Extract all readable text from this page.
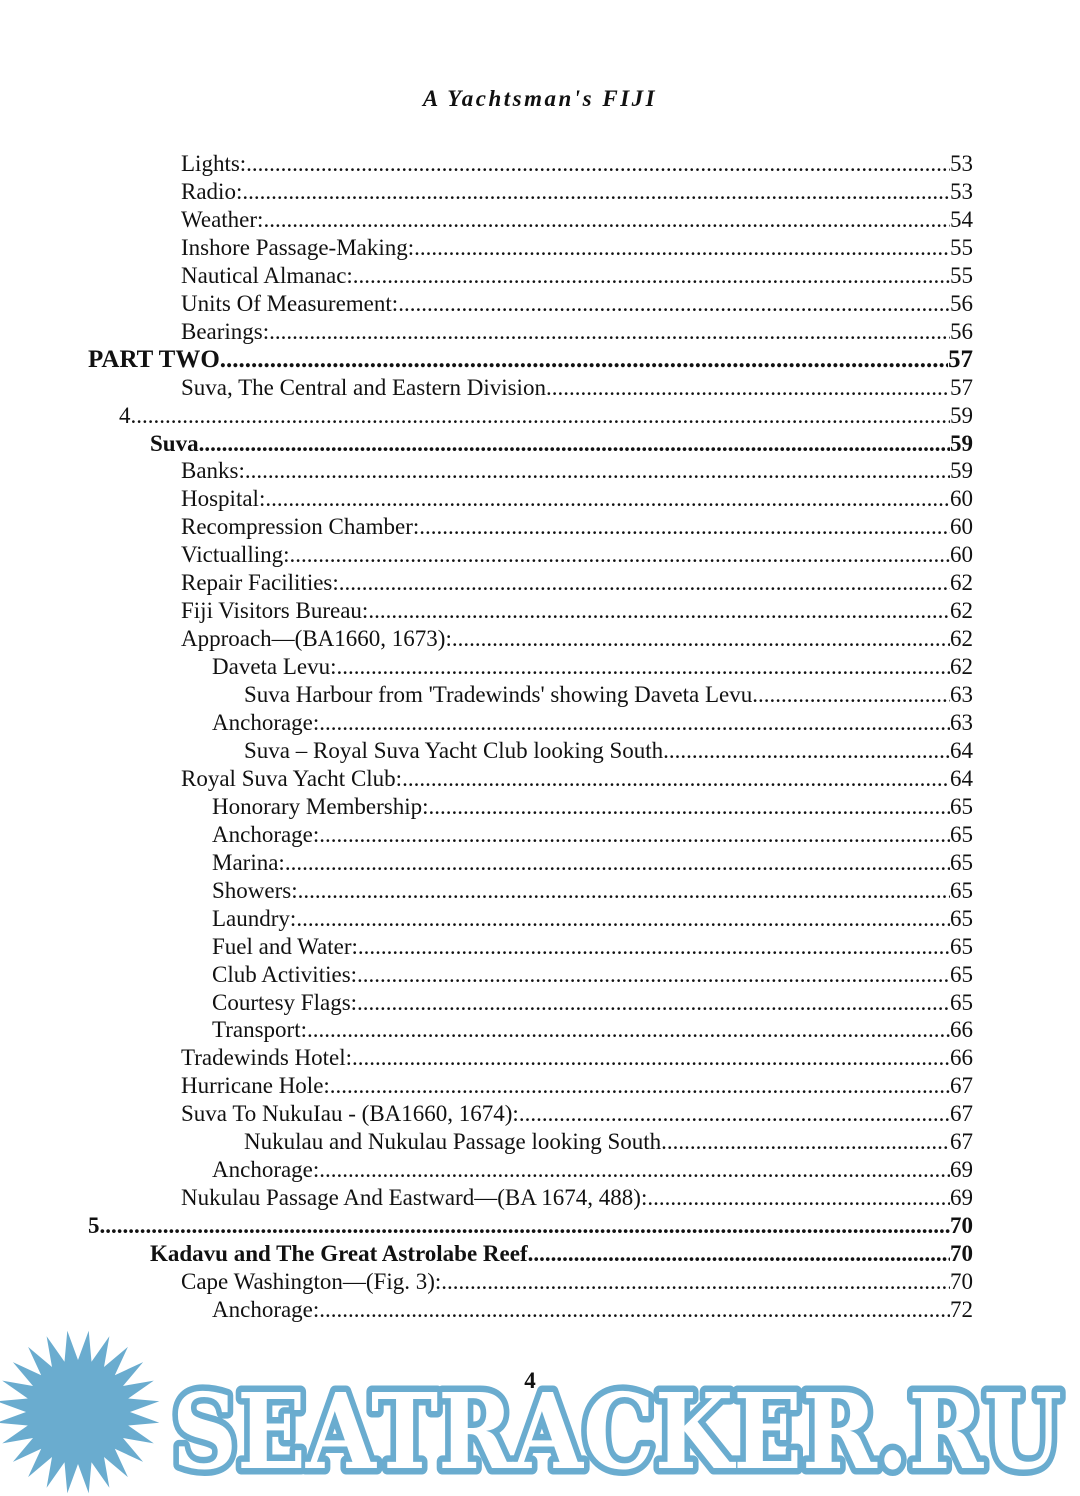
A Yachtsman's FIJI
Lights: .....	53
Radio: .....	53
Weather: .....	54
Inshore Passage-Making: .....	55
Nautical Almanac: .....	55
Units Of Measurement: .....	56
Bearings: .....	56
PART TWO .....	57
Suva, The Central and Eastern Division .....	57
4 .....	59
Suva .....	59
Banks: .....	59
Hospital: .....	60
Recompression Chamber: .....	60
Victualling: .....	60
Repair Facilities: .....	62
Fiji Visitors Bureau: .....	62
Approach—(BA1660, 1673): .....	62
Daveta Levu: .....	62
Suva Harbour from 'Tradewinds' showing Daveta Levu .....	63
Anchorage: .....	63
Suva – Royal Suva Yacht Club looking South .....	64
Royal Suva Yacht Club: .....	64
Honorary Membership: .....	65
Anchorage: .....	65
Marina: .....	65
Showers: .....	65
Laundry: .....	65
Fuel and Water: .....	65
Club Activities: .....	65
Courtesy Flags: .....	65
Transport: .....	66
Tradewinds Hotel: .....	66
Hurricane Hole: .....	67
Suva To NukuIau - (BA1660, 1674): .....	67
Nukulau and Nukulau Passage looking South .....	67
Anchorage: .....	69
Nukulau Passage And Eastward—(BA 1674, 488): .....	69
5 .....	70
Kadavu and The Great Astrolabe Reef .....	70
Cape Washington—(Fig. 3): .....	70
Anchorage: .....	72
SEATRACKER.RU
4
